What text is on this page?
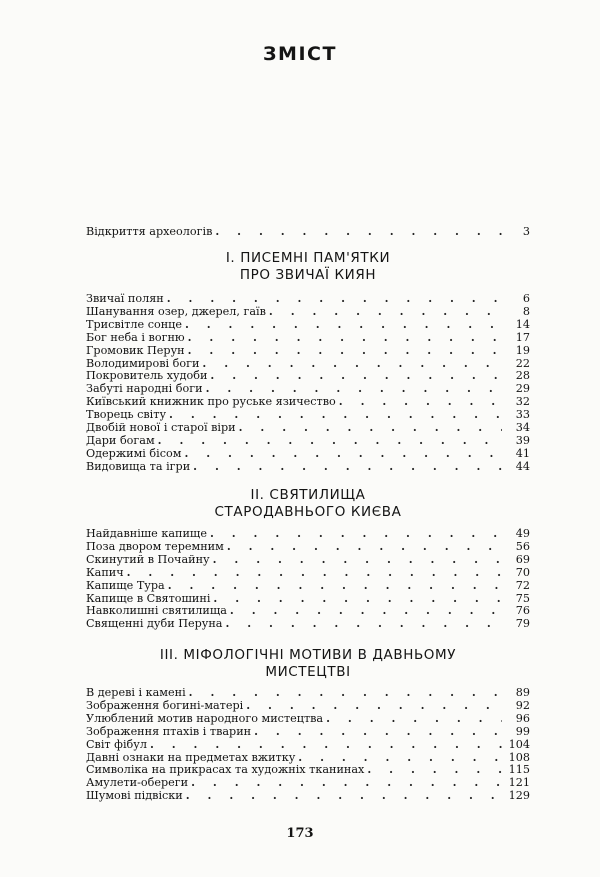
ЗМІСТ
Відкриття археологів . . .	3
І. ПИСЕМНІ ПАМ'ЯТКИ
ПРО ЗВИЧАЇ КИЯН
ІІ. СВЯТИЛИЩА
СТАРОДАВНЬОГО КИЄВА
ІІІ. МІФОЛОГІЧНІ МОТИВИ В ДАВНЬОМУ
МИСТЕЦТВІ
Звичаї полян . . .	6
Шанування озер, джерел, гаїв . . .	8
Трисвітле сонце . . .	14
Бог неба і вогню . . .	17
Громовик Перун . . .	19
Володимирові боги . . .	22
Покровитель худоби . . .	28
Забуті народні боги . . .	29
Київський книжник про руське язичество . . .	32
Творець світу . . .	33
Двобій нової і старої віри . . .	34
Дари богам . . .	39
Одержимі бісом . . .	41
Видовища та ігри . . .	44
Найдавніше капище . . .	49
Поза двором теремним . . .	56
Скинутий в Почайну . . .	69
Капич . . .	70
Капище Тура . . .	72
Капище в Святошині . . .	75
Навколишні святилища . . .	76
Священні дуби Перуна . . .	79
В дереві і камені . . .	89
Зображення богині-матері . . .	92
Улюблений мотив народного мистецтва . . .	96
Зображення птахів і тварин . . .	99
Світ фібул . . .	104
Давні ознаки на предметах вжитку . . .	108
Символіка на прикрасах та художніх тканинах . . .	115
Амулети-обереги . . .	121
Шумові підвіски . . .	129
173
